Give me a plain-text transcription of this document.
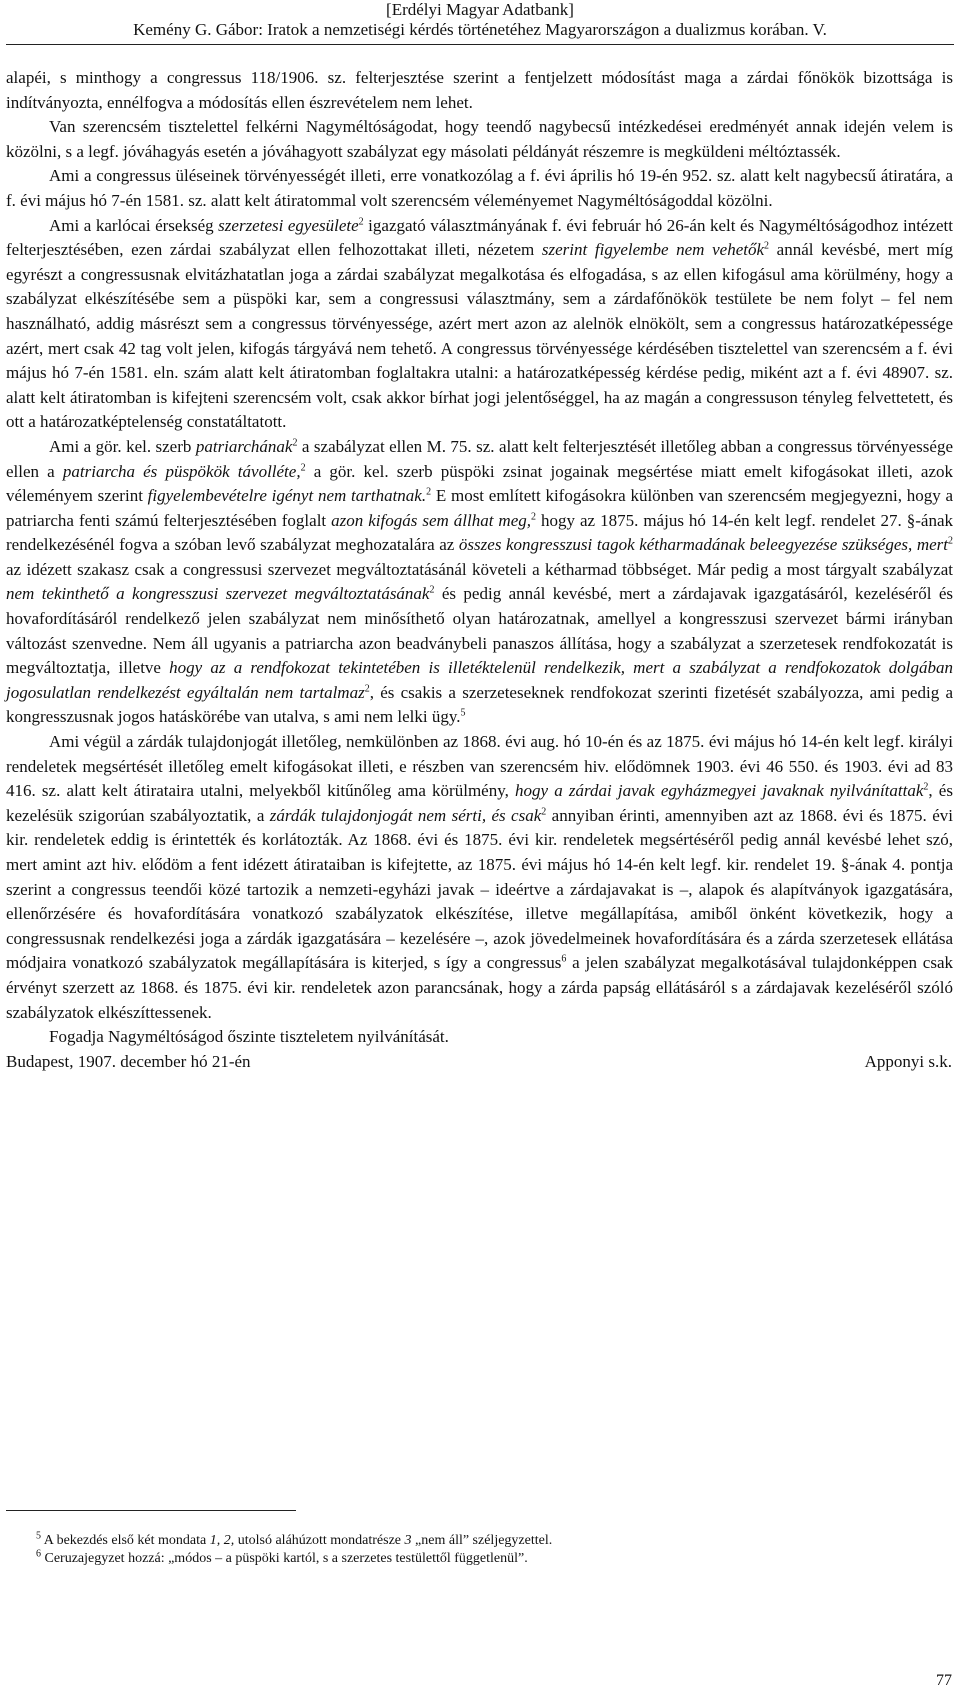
[Erdélyi Magyar Adatbank]
Kemény G. Gábor: Iratok a nemzetiségi kérdés történetéhez Magyarországon a dualizmus korában. V.

alapéi, s minthogy a congressus 118/1906. sz. felterjesztése szerint a fentjelzett módosítást maga a zárdai főnökök bizottsága is indítványozta, ennélfogva a módosítás ellen észrevételem nem lehet.

Van szerencsém tisztelettel felkérni Nagyméltóságodat, hogy teendő nagybecsű intézkedései eredményét annak idején velem is közölni, s a legf. jóváhagyás esetén a jóváhagyott szabályzat egy másolati példányát részemre is megküldeni méltóztassék.

Ami a congressus üléseinek törvényességét illeti, erre vonatkozólag a f. évi április hó 19-én 952. sz. alatt kelt nagybecsű átiratára, a f. évi május hó 7-én 1581. sz. alatt kelt átiratommal volt szerencsém véleményemet Nagyméltóságoddal közölni.

Ami a karlócai érsekség szerzetesi egyesülete$^2$ igazgató választmányának f. évi február hó 26-án kelt és Nagyméltóságodhoz intézett felterjesztésében, ezen zárdai szabályzat ellen felhozottakat illeti, nézetem szerint figyelembe nem vehetők$^2$ annál kevésbé, mert míg egyrészt a congressusnak elvitázhatatlan joga a zárdai szabályzat megalkotása és elfogadása, s az ellen kifogásul ama körülmény, hogy a szabályzat elkészítésébe sem a püspöki kar, sem a congressusi választmány, sem a zárdafőnökök testülete be nem folyt – fel nem használható, addig másrészt sem a congressus törvényessége, azért mert azon az alelnök elnökölt, sem a congressus határozatképessége azért, mert csak 42 tag volt jelen, kifogás tárgyává nem tehető. A congressus törvényessége kérdésében tisztelettel van szerencsém a f. évi május hó 7-én 1581. eln. szám alatt kelt átiratomban foglaltakra utalni: a határozatképesség kérdése pedig, miként azt a f. évi 48907. sz. alatt kelt átiratomban is kifejteni szerencsém volt, csak akkor bírhat jogi jelentőséggel, ha az magán a congressuson tényleg felvettetett, és ott a határozatképtelenség constatáltatott.

Ami a gör. kel. szerb patriarchának$^2$ a szabályzat ellen M. 75. sz. alatt kelt felterjesztését illetőleg abban a congressus törvényessége ellen a patriarcha és püspökök távolléte,$^2$ a gör. kel. szerb püspöki zsinat jogainak megsértése miatt emelt kifogásokat illeti, azok véleményem szerint figyelembevételre igényt nem tarthatnak.$^2$ E most említett kifogásokra különben van szerencsém megjegyezni, hogy a patriarcha fenti számú felterjesztésében foglalt azon kifogás sem állhat meg,$^2$ hogy az 1875. május hó 14-én kelt legf. rendelet 27. §-ának rendelkezésénél fogva a szóban levő szabályzat meghozatalára az összes kongresszusi tagok kétharmadának beleegyezése szükséges, mert$^2$ az idézett szakasz csak a congressusi szervezet megváltoztatásánál követeli a kétharmad többséget. Már pedig a most tárgyalt szabályzat nem tekinthető a kongresszusi szervezet megváltoztatásának$^2$ és pedig annál kevésbé, mert a zárdajavak igazgatásáról, kezeléséről és hovafordításáról rendelkező jelen szabályzat nem minősíthető olyan határozatnak, amellyel a kongresszusi szervezet bármi irányban változást szenvedne. Nem áll ugyanis a patriarcha azon beadványbeli panaszos állítása, hogy a szabályzat a szerzetesek rendfokozatát is megváltoztatja, illetve hogy az a rendfokozat tekintetében is illetéktelenül rendelkezik, mert a szabályzat a rendfokozatok dolgában jogosulatlan rendelkezést egyáltalán nem tartalmaz$^2$, és csakis a szerzeteseknek rendfokozat szerinti fizetését szabályozza, ami pedig a kongresszusnak jogos hatáskörébe van utalva, s ami nem lelki ügy.$^5$

Ami végül a zárdák tulajdonjogát illetőleg, nemkülönben az 1868. évi aug. hó 10-én és az 1875. évi május hó 14-én kelt legf. királyi rendeletek megsértését illetőleg emelt kifogásokat illeti, e részben van szerencsém hiv. elődömnek 1903. évi 46 550. és 1903. évi ad 83 416. sz. alatt kelt átirataira utalni, melyekből kitűnőleg ama körülmény, hogy a zárdai javak egyházmegyei javaknak nyilvánítattak$^2$, és kezelésük szigorúan szabályoztatik, a zárdák tulajdonjogát nem sérti, és csak$^2$ annyiban érinti, amennyiben azt az 1868. évi és 1875. évi kir. rendeletek eddig is érintették és korlátozták. Az 1868. évi és 1875. évi kir. rendeletek megsértéséről pedig annál kevésbé lehet szó, mert amint azt hiv. elődöm a fent idézett átirataiban is kifejtette, az 1875. évi május hó 14-én kelt legf. kir. rendelet 19. §-ának 4. pontja szerint a congressus teendői közé tartozik a nemzeti-egyházi javak – ideértve a zárdajavakat is –, alapok és alapítványok igazgatására, ellenőrzésére és hovafordítására vonatkozó szabályzatok elkészítése, illetve megállapítása, amiből önként következik, hogy a congressusnak rendelkezési joga a zárdák igazgatására – kezelésére –, azok jövedelmeinek hovafordítására és a zárda szerzetesek ellátása módjaira vonatkozó szabályzatok megállapítására is kiterjed, s így a congressus$^6$ a jelen szabályzat megalkotásával tulajdonképpen csak érvényt szerzett az 1868. és 1875. évi kir. rendeletek azon parancsának, hogy a zárda papság ellátásáról s a zárdajavak kezeléséről szóló szabályzatok elkészíttessenek.

Fogadja Nagyméltóságod őszinte tiszteletem nyilvánítását.

Budapest, 1907. december hó 21-én	Apponyi s.k.

$^5$ A bekezdés első két mondata 1, 2, utolsó aláhúzott mondatrésze 3 „nem áll” széljegyzettel.
$^6$ Ceruzajegyzet hozzá: „módos – a püspöki kartól, s a szerzetes testülettől függetlenül”.
77
